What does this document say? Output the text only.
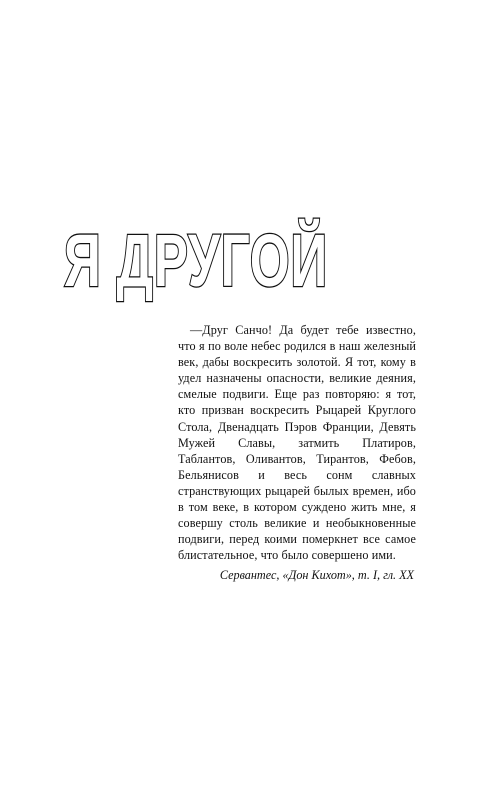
Я ДРУГОЙ

—Друг Санчо! Да будет тебе известно, что я по воле небес родился в наш железный век, дабы воскресить золотой. Я тот, кому в удел назначены опасности, великие деяния, смелые подвиги. Еще раз повторяю: я тот, кто призван воскресить Рыцарей Круглого Стола, Двенадцать Пэров Франции, Девять Мужей Славы, затмить Платиров, Таблантов, Оливантов, Тирантов, Фебов, Бельянисов и весь сонм славных странствующих рыцарей былых времен, ибо в том веке, в котором суждено жить мне, я совершу столь великие и необыкновенные подвиги, перед коими померкнет все самое блистательное, что было совершено ими.

Сервантес, «Дон Кихот», т. I, гл. XX
